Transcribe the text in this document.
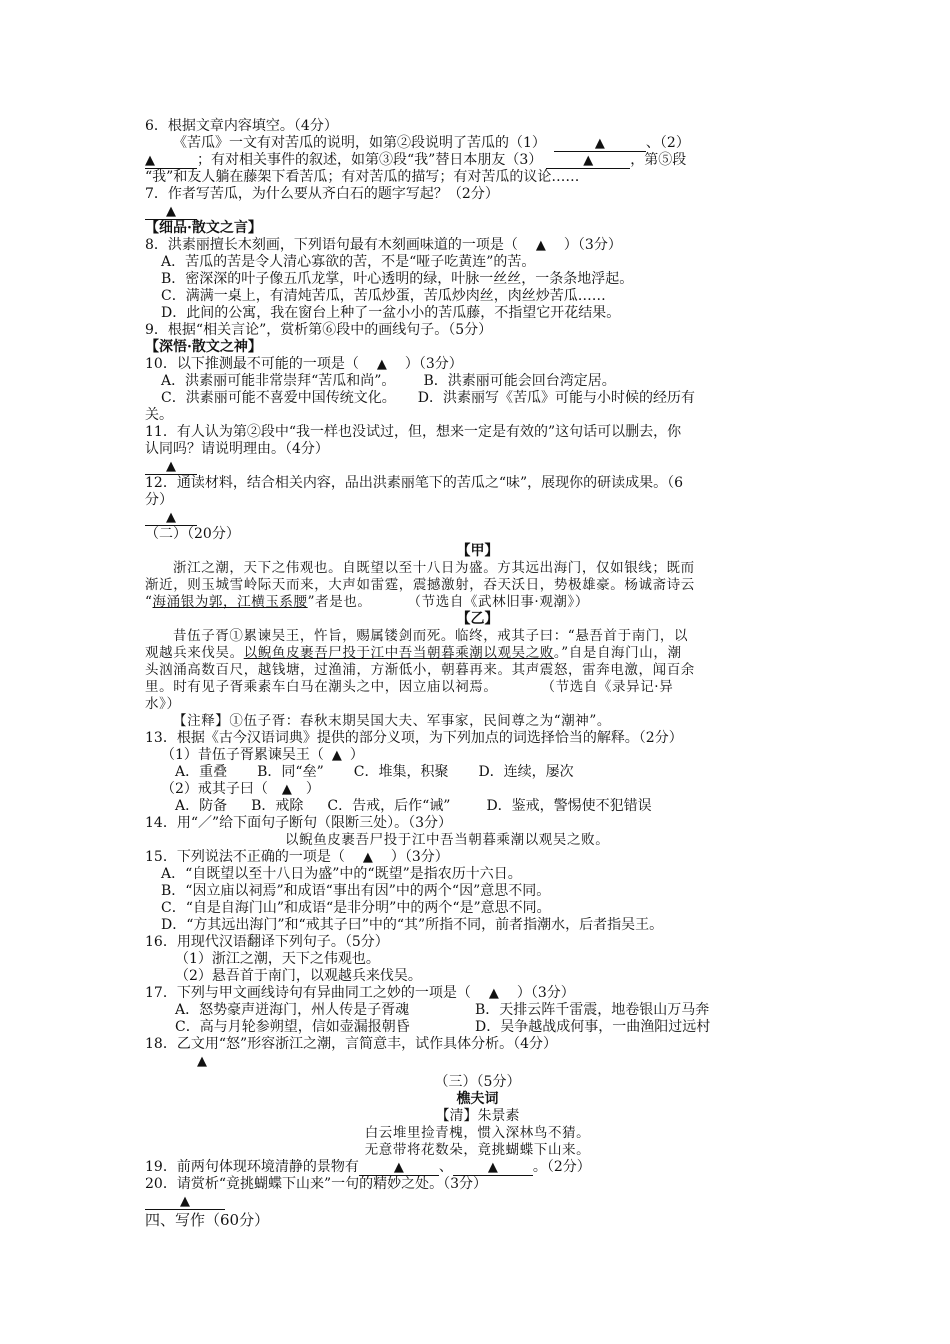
6．根据文章内容填空。（4分）
《苦瓜》一文有对苦瓜的说明，如第②段说明了苦瓜的（1）	▲	、（2）
▲	；有对相关事件的叙述，如第③段“我”替日本朋友（3）	▲	，第⑤段
“我”和友人躺在藤架下看苦瓜；有对苦瓜的描写；有对苦瓜的议论……
7．作者写苦瓜，为什么要从齐白石的题字写起？（2分）
▲
【细品·散文之言】
8．洪素丽擅长木刻画，下列语句最有木刻画味道的一项是（ ▲ ）（3分）
A．苦瓜的苦是令人清心寡欲的苦，不是“哑子吃黄连”的苦。
B．密深深的叶子像五爪龙掌，叶心透明的绿，叶脉一丝丝，一条条地浮起。
C．满满一桌上，有清炖苦瓜，苦瓜炒蛋，苦瓜炒肉丝，肉丝炒苦瓜……
D．此间的公寓，我在窗台上种了一盆小小的苦瓜藤，不指望它开花结果。
9．根据“相关言论”，赏析第⑥段中的画线句子。（5分）
【深悟·散文之神】
10．以下推测最不可能的一项是（ ▲ ）（3分）
A．洪素丽可能非常崇拜“苦瓜和尚”。 B．洪素丽可能会回台湾定居。
C．洪素丽可能不喜爱中国传统文化。 D．洪素丽写《苦瓜》可能与小时候的经历有
关。
11．有人认为第②段中“我一样也没试过，但，想来一定是有效的”这句话可以删去，你
认同吗？请说明理由。（4分）
▲
12．通读材料，结合相关内容，品出洪素丽笔下的苦瓜之“味”，展现你的研读成果。（6
分）
▲
（二）（20分）
【甲】
浙江之潮，天下之伟观也。自既望以至十八日为盛。方其远出海门，仅如银线；既而
渐近，则玉城雪岭际天而来，大声如雷霆，震撼激射，吞天沃日，势极雄豪。杨诚斋诗云
“海涌银为郭，江横玉系腰”者是也。	（节选自《武林旧事·观潮》）
【乙】
昔伍子胥①累谏吴王，忤旨，赐属镂剑而死。临终，戒其子曰：“悬吾首于南门，以
观越兵来伐吴。以鲵鱼皮裹吾尸投于江中吾当朝暮乘潮以观吴之败。”自是自海门山，潮
头汹涌高数百尺，越钱塘，过渔浦，方渐低小，朝暮再来。其声震怒，雷奔电激，闻百余
里。时有见子胥乘素车白马在潮头之中，因立庙以祠焉。	（节选自《录异记·异
水》）
【注释】①伍子胥：春秋末期吴国大夫、军事家，民间尊之为“潮神”。
13．根据《古今汉语词典》提供的部分义项，为下列加点的词选择恰当的解释。（2分）
（1）昔伍子胥累谏吴王（ ▲ ）
A．重叠 B．同“垒” C．堆集，积聚 D．连续，屡次
（2）戒其子曰（ ▲ ）
A．防备 B．戒除 C．告戒，后作“诫”	D．鉴戒，警惕使不犯错误
14．用“／”给下面句子断句（限断三处）。（3分）
以鲵鱼皮裹吾尸投于江中吾当朝暮乘潮以观吴之败。
15．下列说法不正确的一项是（ ▲ ）（3分）
A．“自既望以至十八日为盛”中的“既望”是指农历十六日。
B．“因立庙以祠焉”和成语“事出有因”中的两个“因”意思不同。
C．“自是自海门山”和成语“是非分明”中的两个“是”意思不同。
D．“方其远出海门”和“戒其子曰”中的“其”所指不同，前者指潮水，后者指吴王。
16．用现代汉语翻译下列句子。（5分）
（1）浙江之潮，天下之伟观也。
（2）悬吾首于南门，以观越兵来伐吴。
17．下列与甲文画线诗句有异曲同工之妙的一项是（ ▲ ）（3分）
A．怒势豪声迸海门，州人传是子胥魂	B．天排云阵千雷震，地卷银山万马奔
C．高与月轮参朔望，信如壶漏报朝昏	D．吴争越战成何事，一曲渔阳过远村
18．乙文用“怒”形容浙江之潮，言简意丰，试作具体分析。（4分）
▲
（三）（5分）
樵夫词
【清】朱景素
白云堆里捡青槐，惯入深林鸟不猜。
无意带将花数朵，竟挑蝴蝶下山来。
19．前两句体现环境清静的景物有	▲	、	▲	。（2分）
20．请赏析“竟挑蝴蝶下山来”一句的精妙之处。（3分）
▲
四、写作（60分）
